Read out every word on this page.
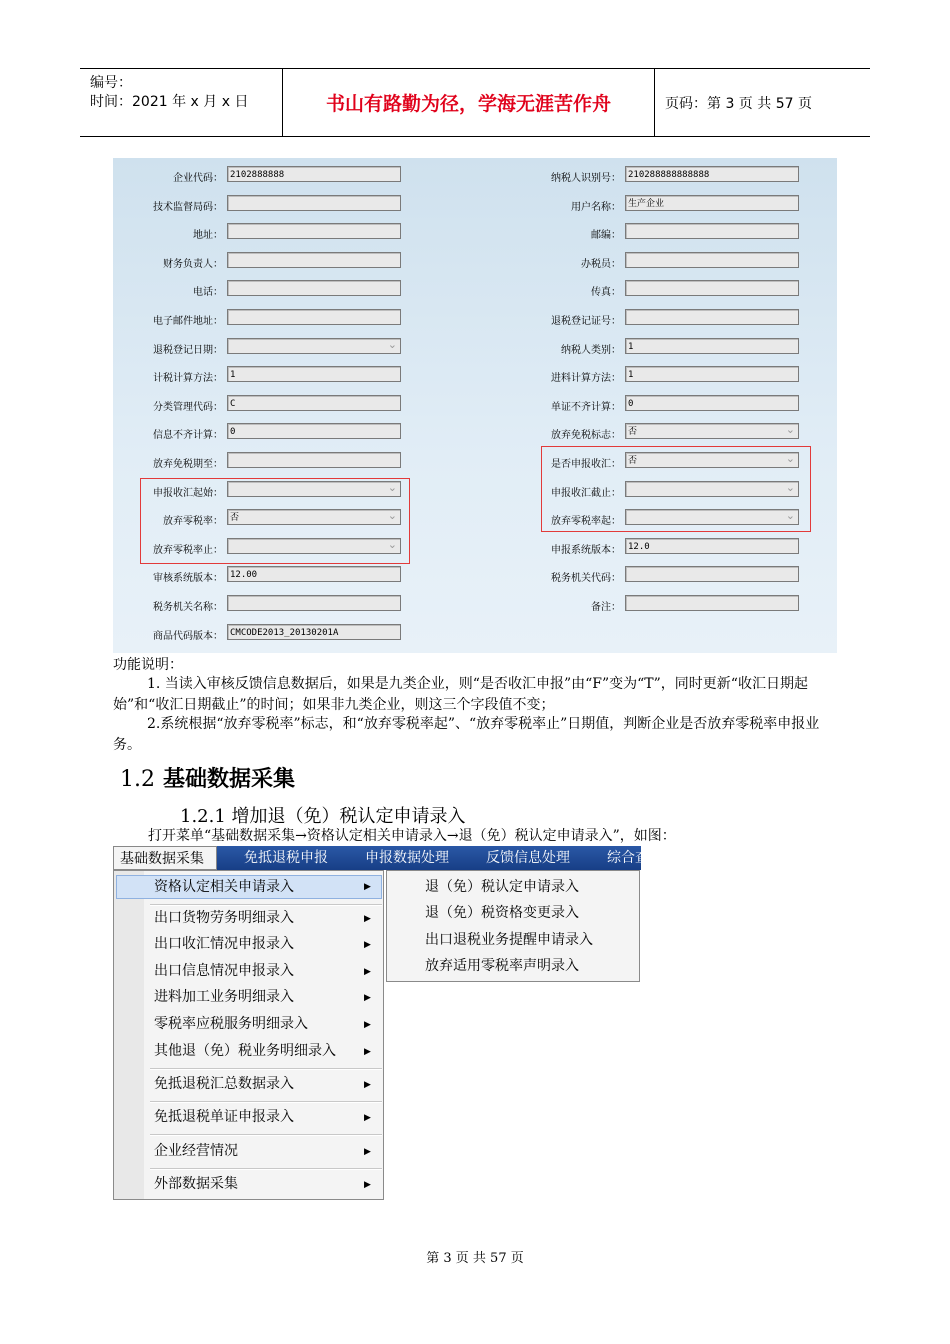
编号：
时间：2021 年 x 月 x 日	书山有路勤为径，学海无涯苦作舟	页码：第 3 页 共 57 页
企业代码： 2102888888
技术监督局码：
地址：
财务负责人：
电话：
电子邮件地址：
退税登记日期：
⌄
计税计算方法： 1
分类管理代码： C
信息不齐计算： 0
放弃免税期至：
申报收汇起始：
⌄
放弃零税率： 否 ⌄
放弃零税率止：
⌄
审核系统版本： 12.00
税务机关名称：
商品代码版本： CMCODE2013_20130201A
纳税人识别号： 210288888888888
用户名称： 生产企业
邮编：
办税员：
传真：
退税登记证号：
纳税人类别： 1
进料计算方法： 1
单证不齐计算： 0
放弃免税标志： 否 ⌄
是否申报收汇： 否 ⌄
申报收汇截止：
⌄
放弃零税率起：
⌄
申报系统版本： 12.0
税务机关代码：
备注：
功能说明：
1. 当读入审核反馈信息数据后，如果是九类企业，则“是否收汇申报”由“F”变为“T”，同时更新“收汇日期起始”和“收汇日期截止”的时间；如果非九类企业，则这三个字段值不变；
2.系统根据“放弃零税率”标志，和“放弃零税率起”、“放弃零税率止”日期值，判断企业是否放弃零税率申报业务。
1.2 基础数据采集
1.2.1 增加退（免）税认定申请录入
打开菜单“基础数据采集→资格认定相关申请录入→退（免）税认定申请录入”，如图：
基础数据采集	免抵退税申报	申报数据处理	反馈信息处理	综合查
资格认定相关申请录入	▶
出口货物劳务明细录入	▶
出口收汇情况申报录入	▶
出口信息情况申报录入	▶
进料加工业务明细录入	▶
零税率应税服务明细录入	▶
其他退（免）税业务明细录入	▶
免抵退税汇总数据录入	▶
免抵退税单证申报录入	▶
企业经营情况	▶
外部数据采集	▶
退（免）税认定申请录入
退（免）税资格变更录入
出口退税业务提醒申请录入
放弃适用零税率声明录入
第 3 页 共 57 页
